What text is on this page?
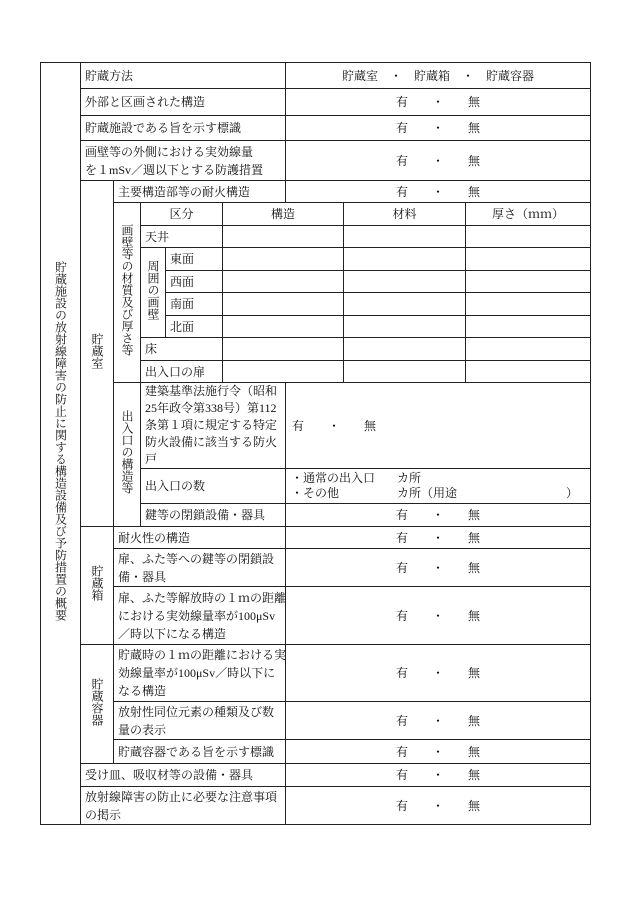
貯蔵施設の放射線障害の防止に関する構造設備及び予防措置の概要	貯蔵方法					貯蔵室　・　貯蔵箱　・　貯蔵容器		
	外部と区画された構造					有　　・　　無		
	貯蔵施設である旨を示す標識					有　　・　　無		
	画壁等の外側における実効線量
を１mSv／週以下とする防護措置					有　　・　　無		
	貯蔵室	主要構造部等の耐火構造				有　　・　　無		
		画壁等の材質及び厚さ等	区分		構造		材料	厚さ（ｍｍ）
			天井					
			周囲の画壁	東面				
				西面				
				南面				
				北面				
			床					
			出入口の扉					
		出入口の構造等	建築基準法施行令（昭和
25年政令第338号）第112
条第１項に規定する特定
防火設備に該当する防火
戸			有　　・　　無		
			出入口の数			・通常の出入口 カ所
・その他 カ所（用途 ）		

			鍵等の閉鎖設備・器具			有　　・　　無		
	貯蔵箱	耐火性の構造				有　　・　　無		
		扉、ふた等への鍵等の閉鎖設
備・器具				有　　・　　無		
		扉、ふた等解放時の１ｍの距離
における実効線量率が100μSv
／時以下になる構造				有　　・　　無		
	貯蔵容器	貯蔵時の１ｍの距離における実
効線量率が100μSv／時以下に
なる構造				有　　・　　無		
		放射性同位元素の種類及び数
量の表示				有　　・　　無		
		貯蔵容器である旨を示す標識				有　　・　　無		
	受け皿、吸収材等の設備・器具					有　　・　　無		
	放射線障害の防止に必要な注意事項
の掲示					有　　・　　無		
